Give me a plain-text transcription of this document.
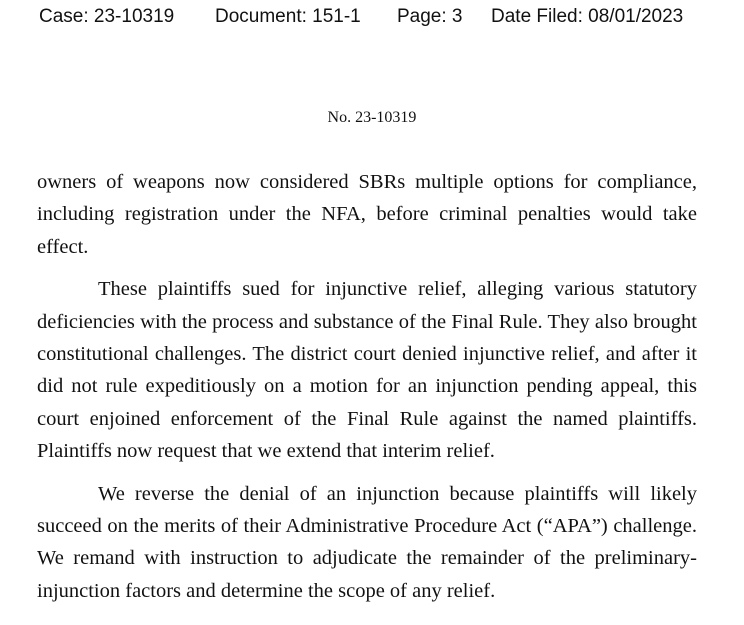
Case: 23-10319 Document: 151-1 Page: 3 Date Filed: 08/01/2023
No. 23-10319

owners of weapons now considered SBRs multiple options for compliance, including registration under the NFA, before criminal penalties would take effect.

These plaintiffs sued for injunctive relief, alleging various statutory deficiencies with the process and substance of the Final Rule. They also brought constitutional challenges. The district court denied injunctive relief, and after it did not rule expeditiously on a motion for an injunction pending appeal, this court enjoined enforcement of the Final Rule against the named plaintiffs. Plaintiffs now request that we extend that interim relief.

We reverse the denial of an injunction because plaintiffs will likely succeed on the merits of their Administrative Procedure Act (“APA”) challenge. We remand with instruction to adjudicate the remainder of the preliminary-injunction factors and determine the scope of any relief.
